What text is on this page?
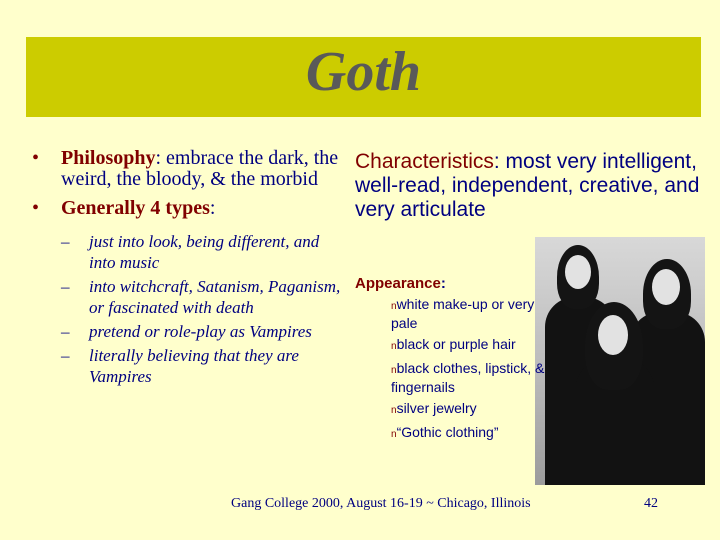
Goth
• Philosophy: embrace the dark, the weird, the bloody, & the morbid
• Generally 4 types:
– just into look, being different, and into music
– into witchcraft, Satanism, Paganism, or fascinated with death
– pretend or role-play as Vampires
– literally believing that they are Vampires
Characteristics: most very intelligent, well-read, independent, creative, and very articulate
Appearance:
nwhite make-up or very pale
nblack or purple hair
nblack clothes, lipstick, & fingernails
nsilver jewelry
n“Gothic clothing”
Gang College 2000, August 16-19 ~ Chicago, Illinois	42
